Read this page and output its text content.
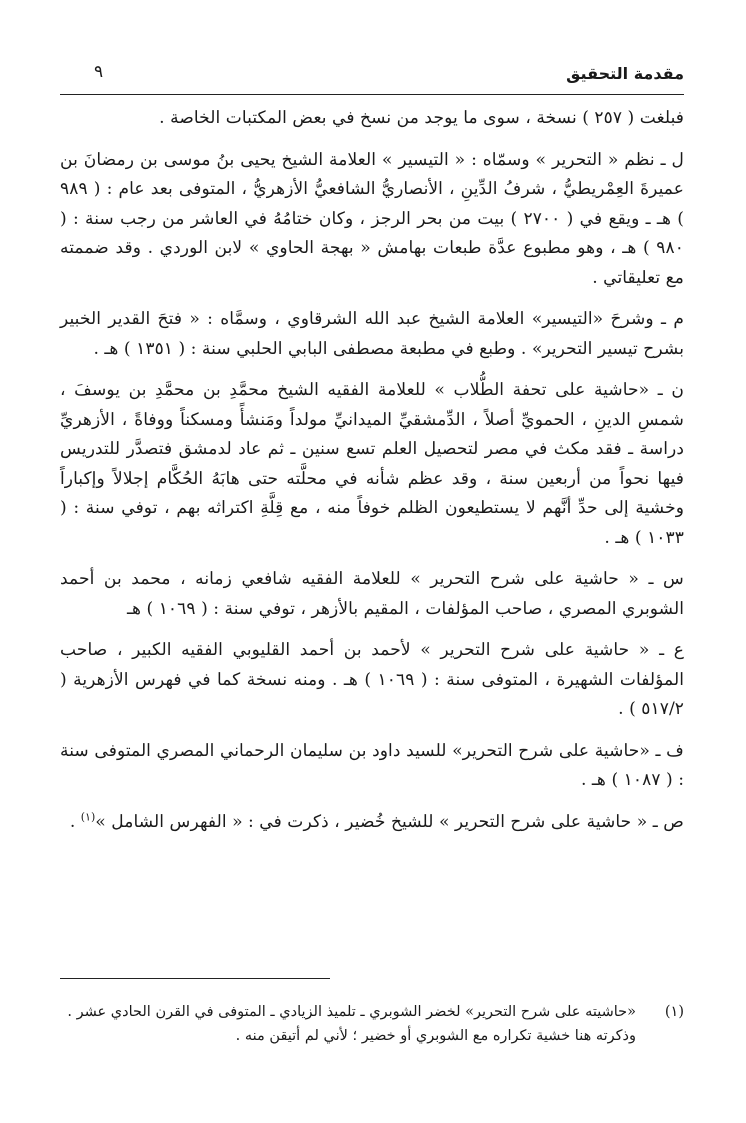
مقدمة التحقيق
٩

فبلغت ( ٢٥٧ ) نسخة ، سوى ما يوجد من نسخ في بعض المكتبات الخاصة .

ل ـ نظم « التحرير » وسمّاه : « التيسير » العلامة الشيخ يحيى بنُ موسى بن رمضانَ بن عميرةَ العِمْريطيُّ ، شرفُ الدِّينِ ، الأنصاريُّ الشافعيُّ الأزهريُّ ، المتوفى بعد عام : ( ٩٨٩ ) هـ ـ ويقع في ( ٢٧٠٠ ) بيت من بحر الرجز ، وكان ختامُهُ في العاشر من رجب سنة : ( ٩٨٠ ) هـ ، وهو مطبوع عدَّة طبعات بهامش « بهجة الحاوي » لابن الوردي . وقد ضممته مع تعليقاتي .

م ـ وشرحَ «التيسير» العلامة الشيخ عبد الله الشرقاوي ، وسمَّاه : « فتحَ القدير الخبير بشرح تيسير التحرير» . وطبع في مطبعة مصطفى البابي الحلبي سنة : ( ١٣٥١ ) هـ .

ن ـ «حاشية على تحفة الطُّلاب » للعلامة الفقيه الشيخ محمَّدِ بن محمَّدِ بن يوسفَ ، شمسِ الدينِ ، الحمويِّ أصلاً ، الدِّمشقيِّ الميدانيِّ مولداً ومَنشأً ومسكناً ووفاةً ، الأزهريِّ دراسة ـ فقد مكث في مصر لتحصيل العلم تسع سنين ـ ثم عاد لدمشق فتصدَّر للتدريس فيها نحواً من أربعين سنة ، وقد عظم شأنه في محلَّته حتى هابَهُ الحُكَّام إجلالاً وإكباراً وخشية إلى حدِّ أنَّهم لا يستطيعون الظلم خوفاً منه ، مع قِلَّةِ اكتراثه بهم ، توفي سنة : ( ١٠٣٣ ) هـ .

س ـ « حاشية على شرح التحرير » للعلامة الفقيه شافعي زمانه ، محمد بن أحمد الشوبري المصري ، صاحب المؤلفات ، المقيم بالأزهر ، توفي سنة : ( ١٠٦٩ ) هـ

ع ـ « حاشية على شرح التحرير » لأحمد بن أحمد القليوبي الفقيه الكبير ، صاحب المؤلفات الشهيرة ، المتوفى سنة : ( ١٠٦٩ ) هـ . ومنه نسخة كما في فهرس الأزهرية ( ٥١٧/٢ ) .

ف ـ «حاشية على شرح التحرير» للسيد داود بن سليمان الرحماني المصري المتوفى سنة : ( ١٠٨٧ ) هـ .

ص ـ « حاشية على شرح التحرير » للشيخ خُضير ، ذكرت في : « الفهرس الشامل »$^{(١)}$ .

(١)
«حاشيته على شرح التحرير» لخضر الشوبري ـ تلميذ الزيادي ـ المتوفى في القرن الحادي عشر . وذكرته هنا خشية تكراره مع الشوبري أو خضير ؛ لأني لم أتيقن منه .
